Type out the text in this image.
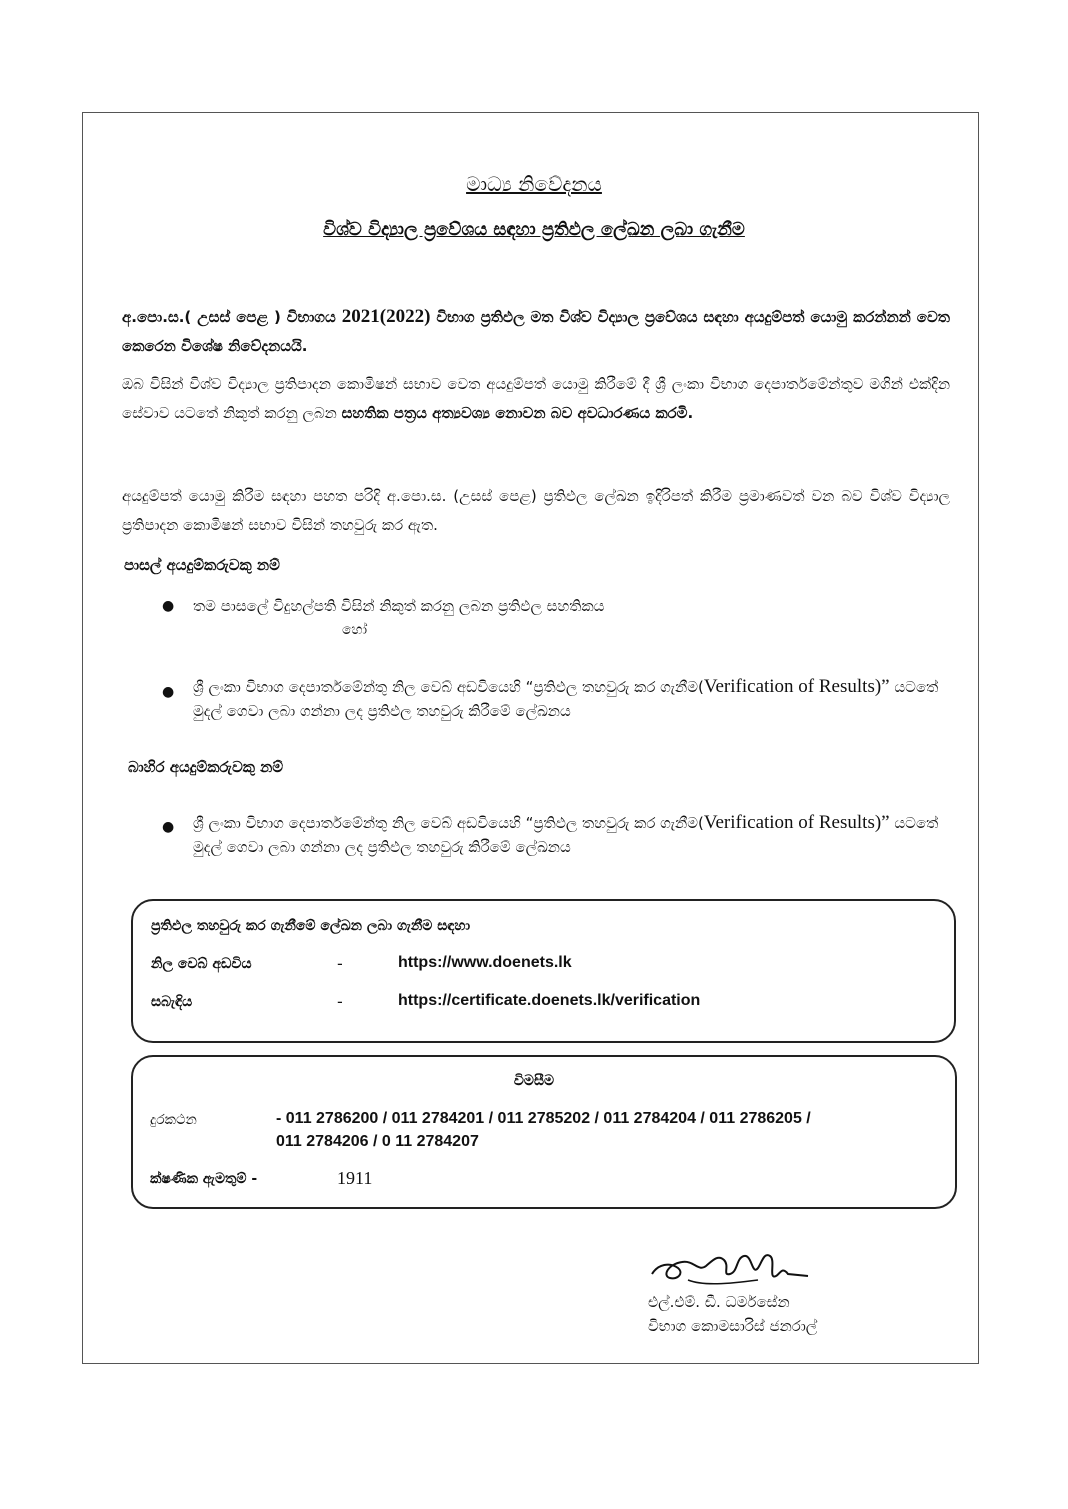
මාධ්‍ය නිවේදනය
විශ්ව විද්‍යාල ප්‍රවේශය සඳහා ප්‍රතිඵල ලේඛන ලබා ගැනීම
අ.පො.ස.( උසස් පෙළ ) විභාගය 2021(2022) විභාග ප්‍රතිඵල මත විශ්ව විද්‍යාල ප්‍රවේශය සඳහා අයදුම්පත් යොමු කරන්නන් වෙත කෙරෙන විශේෂ නිවේදනයයි.
ඔබ විසින් විශ්ව විද්‍යාල ප්‍රතිපාදන කොමිෂන් සභාව වෙත අයදුම්පත් යොමු කිරීමේ දී ශ්‍රී ලංකා විභාග දෙපාර්තමේන්තුව මගින් එක්දින සේවාව යටතේ නිකුත් කරනු ලබන සහතික පත්‍රය අත්‍යවශ්‍ය නොවන බව අවධාරණය කරමි.
අයදුම්පත් යොමු කිරීම සඳහා පහත පරිදි අ.පො.ස. (උසස් පෙළ) ප්‍රතිඵල ලේඛන ඉදිරිපත් කිරීම ප්‍රමාණවත් වන බව විශ්ව විද්‍යාල ප්‍රතිපාදන කොමිෂන් සභාව විසින් තහවුරු කර ඇත.
පාසල් අයදුම්කරුවකු නම්
● තම පාසලේ විදුහල්පති විසින් නිකුත් කරනු ලබන ප්‍රතිඵල සහතිකය
හෝ
● ශ්‍රී ලංකා විභාග දෙපාර්තමේන්තු නිල වෙබ් අඩවියෙහි “ප්‍රතිඵල තහවුරු කර ගැනීම(Verification of Results)” යටතේ මුදල් ගෙවා ලබා ගන්නා ලද ප්‍රතිඵල තහවුරු කිරීමේ ලේඛනය
බාහිර අයදුම්කරුවකු නම්
● ශ්‍රී ලංකා විභාග දෙපාර්තමේන්තු නිල වෙබ් අඩවියෙහි “ප්‍රතිඵල තහවුරු කර ගැනීම(Verification of Results)” යටතේ මුදල් ගෙවා ලබා ගන්නා ලද ප්‍රතිඵල තහවුරු කිරීමේ ලේඛනය
ප්‍රතිඵල තහවුරු කර ගැනීමේ ලේඛන ලබා ගැනීම සඳහා
නිල වෙබ් අඩවිය	-	https://www.doenets.lk
සබැඳිය	-	https://certificate.doenets.lk/verification
විමසීම
දුරකථන	- 011 2786200 / 011 2784201 / 011 2785202 / 011 2784204 / 011 2786205 /
011 2784206 / 0 11 2784207
ක්ෂණික ඇමතුම් -	1911
එල්.එම්. ඩී. ධර්මසේන
විභාග කොමසාරිස් ජනරාල්
